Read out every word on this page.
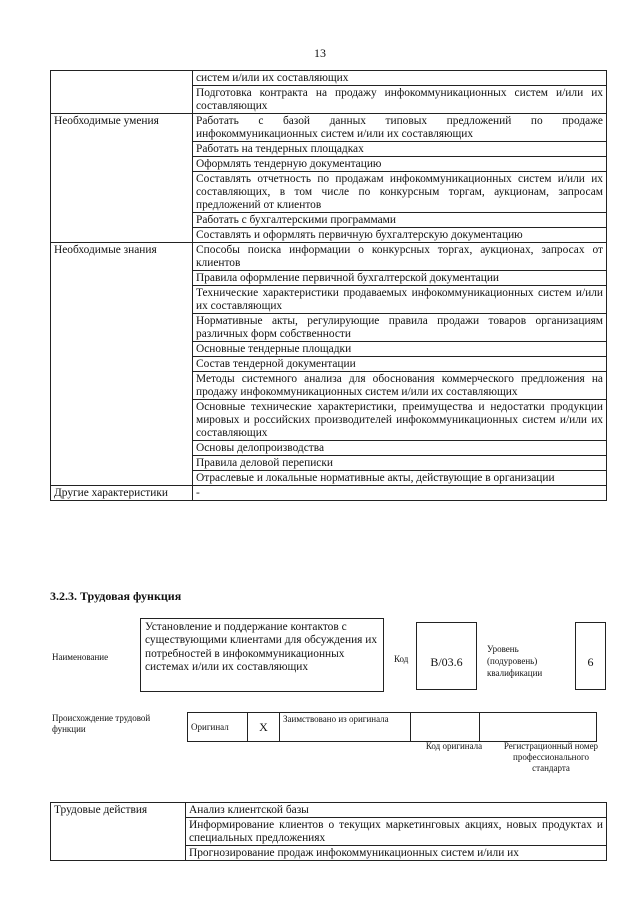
13
	систем и/или их составляющих
	Подготовка контракта на продажу инфокоммуникационных систем и/или их составляющих
Необходимые умения	Работать с базой данных типовых предложений по продаже инфокоммуникационных систем и/или их составляющих
	Работать на тендерных площадках
	Оформлять тендерную документацию
	Составлять отчетность по продажам инфокоммуникационных систем и/или их составляющих, в том числе по конкурсным торгам, аукционам, запросам предложений от клиентов
	Работать с бухгалтерскими программами
	Составлять и оформлять первичную бухгалтерскую документацию
Необходимые знания	Способы поиска информации о конкурсных торгах, аукционах, запросах от клиентов
	Правила оформление первичной бухгалтерской документации
	Технические характеристики продаваемых инфокоммуникационных систем и/или их составляющих
	Нормативные акты, регулирующие правила продажи товаров организациям различных форм собственности
	Основные тендерные площадки
	Состав тендерной документации
	Методы системного анализа для обоснования коммерческого предложения на продажу инфокоммуникационных систем и/или их составляющих
	Основные технические характеристики, преимущества и недостатки продукции мировых и российских производителей инфокоммуникационных систем и/или их составляющих
	Основы делопроизводства
	Правила деловой переписки
	Отраслевые и локальные нормативные акты, действующие в организации
Другие характеристики	-
3.2.3. Трудовая функция
Наименование
Установление и поддержание контактов с существующими клиентами для обсуждения их потребностей в инфокоммуникационных системах и/или их составляющих
Код	B/03.6
Уровень (подуровень) квалификации
6
Происхождение трудовой функции	Оригинал	X	Заимствовано из оригинала		
Код оригинала	Регистрационный номер профессионального стандарта
Трудовые действия	Анализ клиентской базы
Информирование клиентов о текущих маркетинговых акциях, новых продуктах и специальных предложениях
Прогнозирование продаж инфокоммуникационных систем и/или их
